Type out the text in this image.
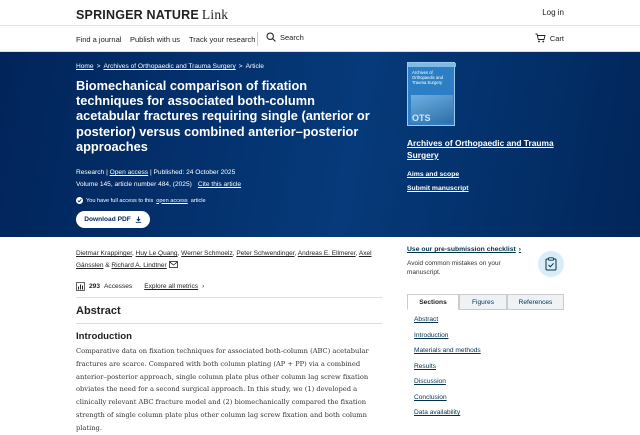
SPRINGER NATURE Link	Log in
Find a journal Publish with us Track your research	Search	Cart
Home > Archives of Orthopaedic and Trauma Surgery > Article
Biomechanical comparison of fixation techniques for associated both-column acetabular fractures requiring single (anterior or posterior) versus combined anterior–posterior approaches
Research | Open access | Published: 24 October 2025
Volume 145, article number 484, (2025) Cite this article
You have full access to this open access article
Download PDF
Archives of Orthopaedic and Trauma Surgery
OTS
Archives of Orthopaedic and Trauma Surgery
Aims and scope
Submit manuscript
Dietmar Krappinger, Huy Le Quang, Werner Schmoelz, Peter Schwendinger, Andreas E. Ellmerer, Axel Gänsslen & Richard A. Lindtner
293 Accesses Explore all metrics ›
Abstract
Introduction

Comparative data on fixation techniques for associated both-column (ABC) acetabular fractures are scarce. Compared with both column plating (AP + PP) via a combined anterior–posterior approach, single column plate plus other column lag screw fixation obviates the need for a second surgical approach. In this study, we (1) developed a clinically relevant ABC fracture model and (2) biomechanically compared the fixation strength of single column plate plus other column lag screw fixation and both column plating.

Use our pre-submission checklist ›
Avoid common mistakes on your manuscript.
Sections	Figures	References
Abstract
Introduction
Materials and methods
Results
Discussion
Conclusion
Data availability
